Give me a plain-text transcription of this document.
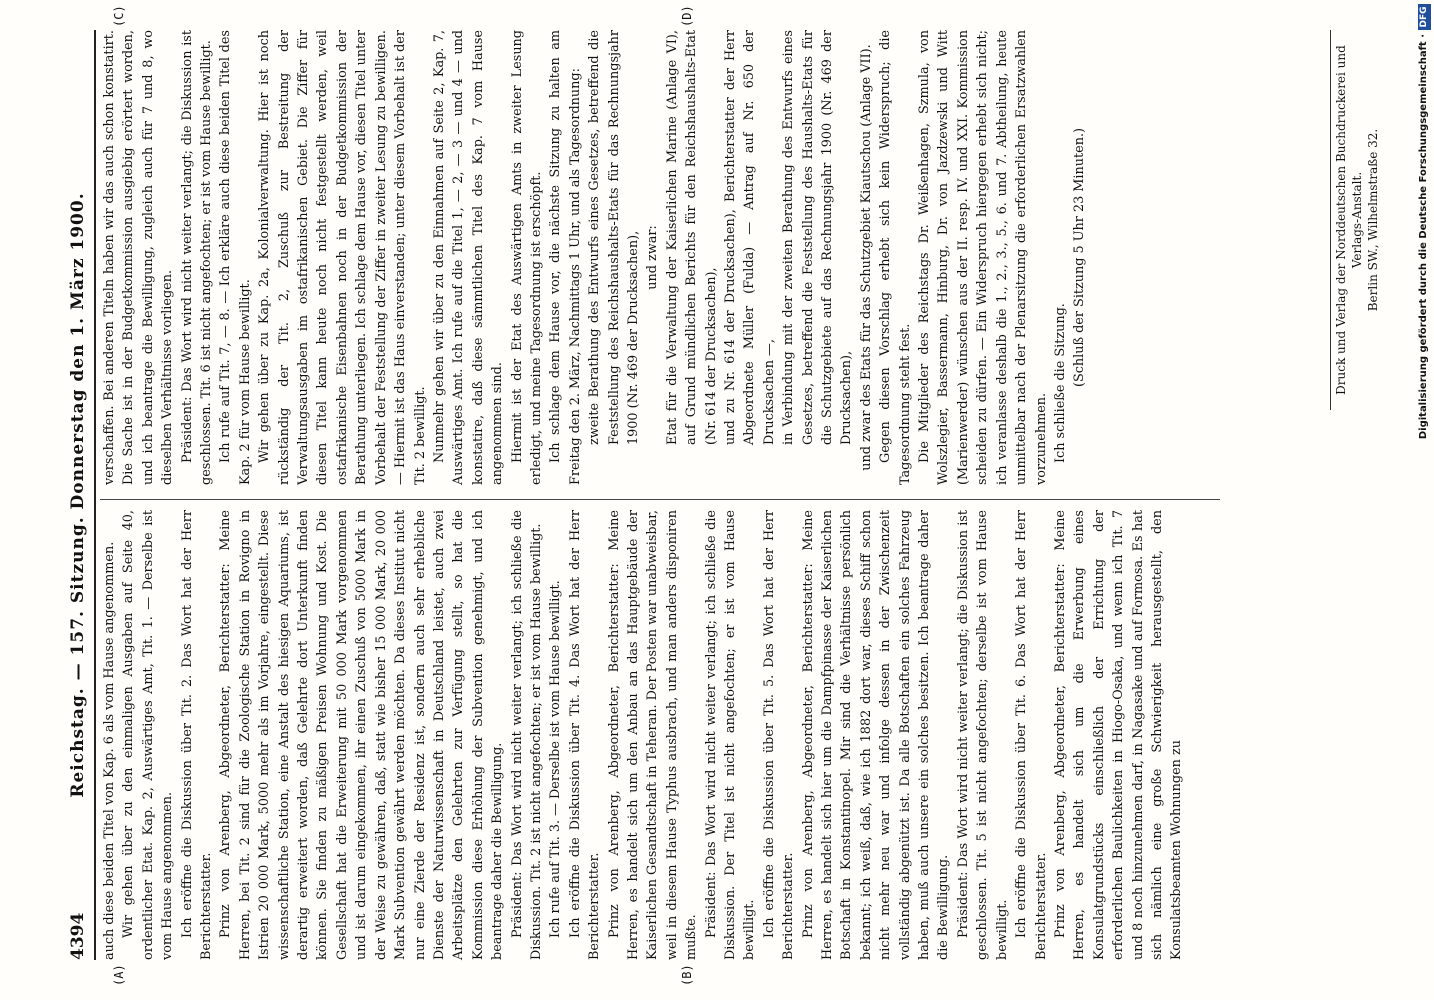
4394
Reichstag. — 157. Sitzung. Donnerstag den 1. März 1900.
(A)	(B)
(C)	(D)

auch diese beiden Titel von Kap. 6 als vom Hause angenommen. Wir gehen über zu den einmaligen Ausgaben auf Seite 40, ordentlicher Etat. Kap. 2, Auswärtiges Amt, Tit. 1. — Derselbe ist vom Hause angenommen. Ich eröffne die Diskussion über Tit. 2. Das Wort hat der Herr Berichterstatter. Prinz von Arenberg, Abgeordneter, Berichterstatter: Meine Herren, bei Tit. 2 sind für die Zoologische Station in Rovigno in Istrien 20 000 Mark, 5000 mehr als im Vorjahre, eingestellt. Diese wissenschaftliche Station, eine Anstalt des hiesigen Aquariums, ist derartig erweitert worden, daß Gelehrte dort Unterkunft finden können. Sie finden zu mäßigen Preisen Wohnung und Kost. Die Gesellschaft hat die Erweiterung mit 50 000 Mark vorgenommen und ist darum eingekommen, ihr einen Zuschuß von 5000 Mark in der Weise zu gewähren, daß, statt wie bisher 15 000 Mark, 20 000 Mark Subvention gewährt werden möchten. Da dieses Institut nicht nur eine Zierde der Residenz ist, sondern auch sehr erhebliche Dienste der Naturwissenschaft in Deutschland leistet, auch zwei Arbeitsplätze den Gelehrten zur Verfügung stellt, so hat die Kommission diese Erhöhung der Subvention genehmigt, und ich beantrage daher die Bewilligung. Präsident: Das Wort wird nicht weiter verlangt; ich schließe die Diskussion. Tit. 2 ist nicht angefochten; er ist vom Hause bewilligt. Ich rufe auf Tit. 3. — Derselbe ist vom Hause bewilligt. Ich eröffne die Diskussion über Tit. 4. Das Wort hat der Herr Berichterstatter. Prinz von Arenberg, Abgeordneter, Berichterstatter: Meine Herren, es handelt sich um den Anbau an das Hauptgebäude der Kaiserlichen Gesandtschaft in Teheran. Der Posten war unabweisbar, weil in diesem Hause Typhus ausbrach, und man anders disponiren mußte. Präsident: Das Wort wird nicht weiter verlangt; ich schließe die Diskussion. Der Titel ist nicht angefochten; er ist vom Hause bewilligt. Ich eröffne die Diskussion über Tit. 5. Das Wort hat der Herr Berichterstatter. Prinz von Arenberg, Abgeordneter, Berichterstatter: Meine Herren, es handelt sich hier um die Dampfpinasse der Kaiserlichen Botschaft in Konstantinopel. Mir sind die Verhältnisse persönlich bekannt; ich weiß, daß, wie ich 1882 dort war, dieses Schiff schon nicht mehr neu war und infolge dessen in der Zwischenzeit vollständig abgenützt ist. Da alle Botschaften ein solches Fahrzeug haben, muß auch unsere ein solches besitzen. Ich beantrage daher die Bewilligung. Präsident: Das Wort wird nicht weiter verlangt; die Diskussion ist geschlossen. Tit. 5 ist nicht angefochten; derselbe ist vom Hause bewilligt. Ich eröffne die Diskussion über Tit. 6. Das Wort hat der Herr Berichterstatter. Prinz von Arenberg, Abgeordneter, Berichterstatter: Meine Herren, es handelt sich um die Erwerbung eines Konsulatgrundstücks einschließlich der Errichtung der erforderlichen Baulichkeiten in Hiogo-Osaka, und wenn ich Tit. 7 und 8 noch hinzunehmen darf, in Nagasake und auf Formosa. Es hat sich nämlich eine große Schwierigkeit herausgestellt, den Konsulatsbeamten Wohnungen zu

verschaffen. Bei anderen Titeln haben wir das auch schon konstatirt. Die Sache ist in der Budgetkommission ausgiebig erörtert worden, und ich beantrage die Bewilligung, zugleich auch für 7 und 8, wo dieselben Verhältnisse vorliegen. Präsident: Das Wort wird nicht weiter verlangt; die Diskussion ist geschlossen. Tit. 6 ist nicht angefochten; er ist vom Hause bewilligt. Ich rufe auf Tit. 7, — 8. — Ich erkläre auch diese beiden Titel des Kap. 2 für vom Hause bewilligt. Wir gehen über zu Kap. 2a, Kolonialverwaltung. Hier ist noch rückständig der Tit. 2, Zuschuß zur Bestreitung der Verwaltungsausgaben im ostafrikanischen Gebiet. Die Ziffer für diesen Titel kann heute noch nicht festgestellt werden, weil ostafrikanische Eisenbahnen noch in der Budgetkommission der Berathung unterliegen. Ich schlage dem Hause vor, diesen Titel unter Vorbehalt der Feststellung der Ziffer in zweiter Lesung zu bewilligen. — Hiermit ist das Haus einverstanden; unter diesem Vorbehalt ist der Tit. 2 bewilligt. Nunmehr gehen wir über zu den Einnahmen auf Seite 2, Kap. 7, Auswärtiges Amt. Ich rufe auf die Titel 1, — 2, — 3 — und 4 — und konstatire, daß diese sämmtlichen Titel des Kap. 7 vom Hause angenommen sind. Hiermit ist der Etat des Auswärtigen Amts in zweiter Lesung erledigt, und meine Tagesordnung ist erschöpft. Ich schlage dem Hause vor, die nächste Sitzung zu halten am Freitag den 2. März, Nachmittags 1 Uhr, und als Tagesordnung: zweite Berathung des Entwurfs eines Gesetzes, betreffend die Feststellung des Reichshaushalts-Etats für das Rechnungsjahr 1900 (Nr. 469 der Drucksachen), und zwar: Etat für die Verwaltung der Kaiserlichen Marine (Anlage VI), auf Grund mündlichen Berichts für den Reichshaushalts-Etat (Nr. 614 der Drucksachen), und zu Nr. 614 der Drucksachen), Berichterstatter der Herr Abgeordnete Müller (Fulda) — Antrag auf Nr. 650 der Drucksachen —, in Verbindung mit der zweiten Berathung des Entwurfs eines Gesetzes, betreffend die Feststellung des Haushalts-Etats für die Schutzgebiete auf das Rechnungsjahr 1900 (Nr. 469 der Drucksachen), und zwar des Etats für das Schutzgebiet Kiautschou (Anlage VII). Gegen diesen Vorschlag erhebt sich kein Widerspruch; die Tagesordnung steht fest. Die Mitglieder des Reichstags Dr. Weißenhagen, Szmula, von Wolszlegier, Bassermann, Hinburg, Dr. von Jazdzewski und Witt (Marienwerder) wünschen aus der II. resp. IV. und XXI. Kommission scheiden zu dürfen. — Ein Widerspruch hiergegen erhebt sich nicht; ich veranlasse deshalb die 1., 2., 3., 5., 6. und 7. Abtheilung, heute unmittelbar nach der Plenarsitzung die erforderlichen Ersatzwahlen vorzunehmen. Ich schließe die Sitzung. (Schluß der Sitzung 5 Uhr 23 Minuten.)	Druck und Verlag der Norddeutschen Buchdruckerei und Verlags-Anstalt. Berlin SW., Wilhelmstraße 32.	Digitalisierung gefördert durch die Deutsche Forschungsgemeinschaft ·
DFG
